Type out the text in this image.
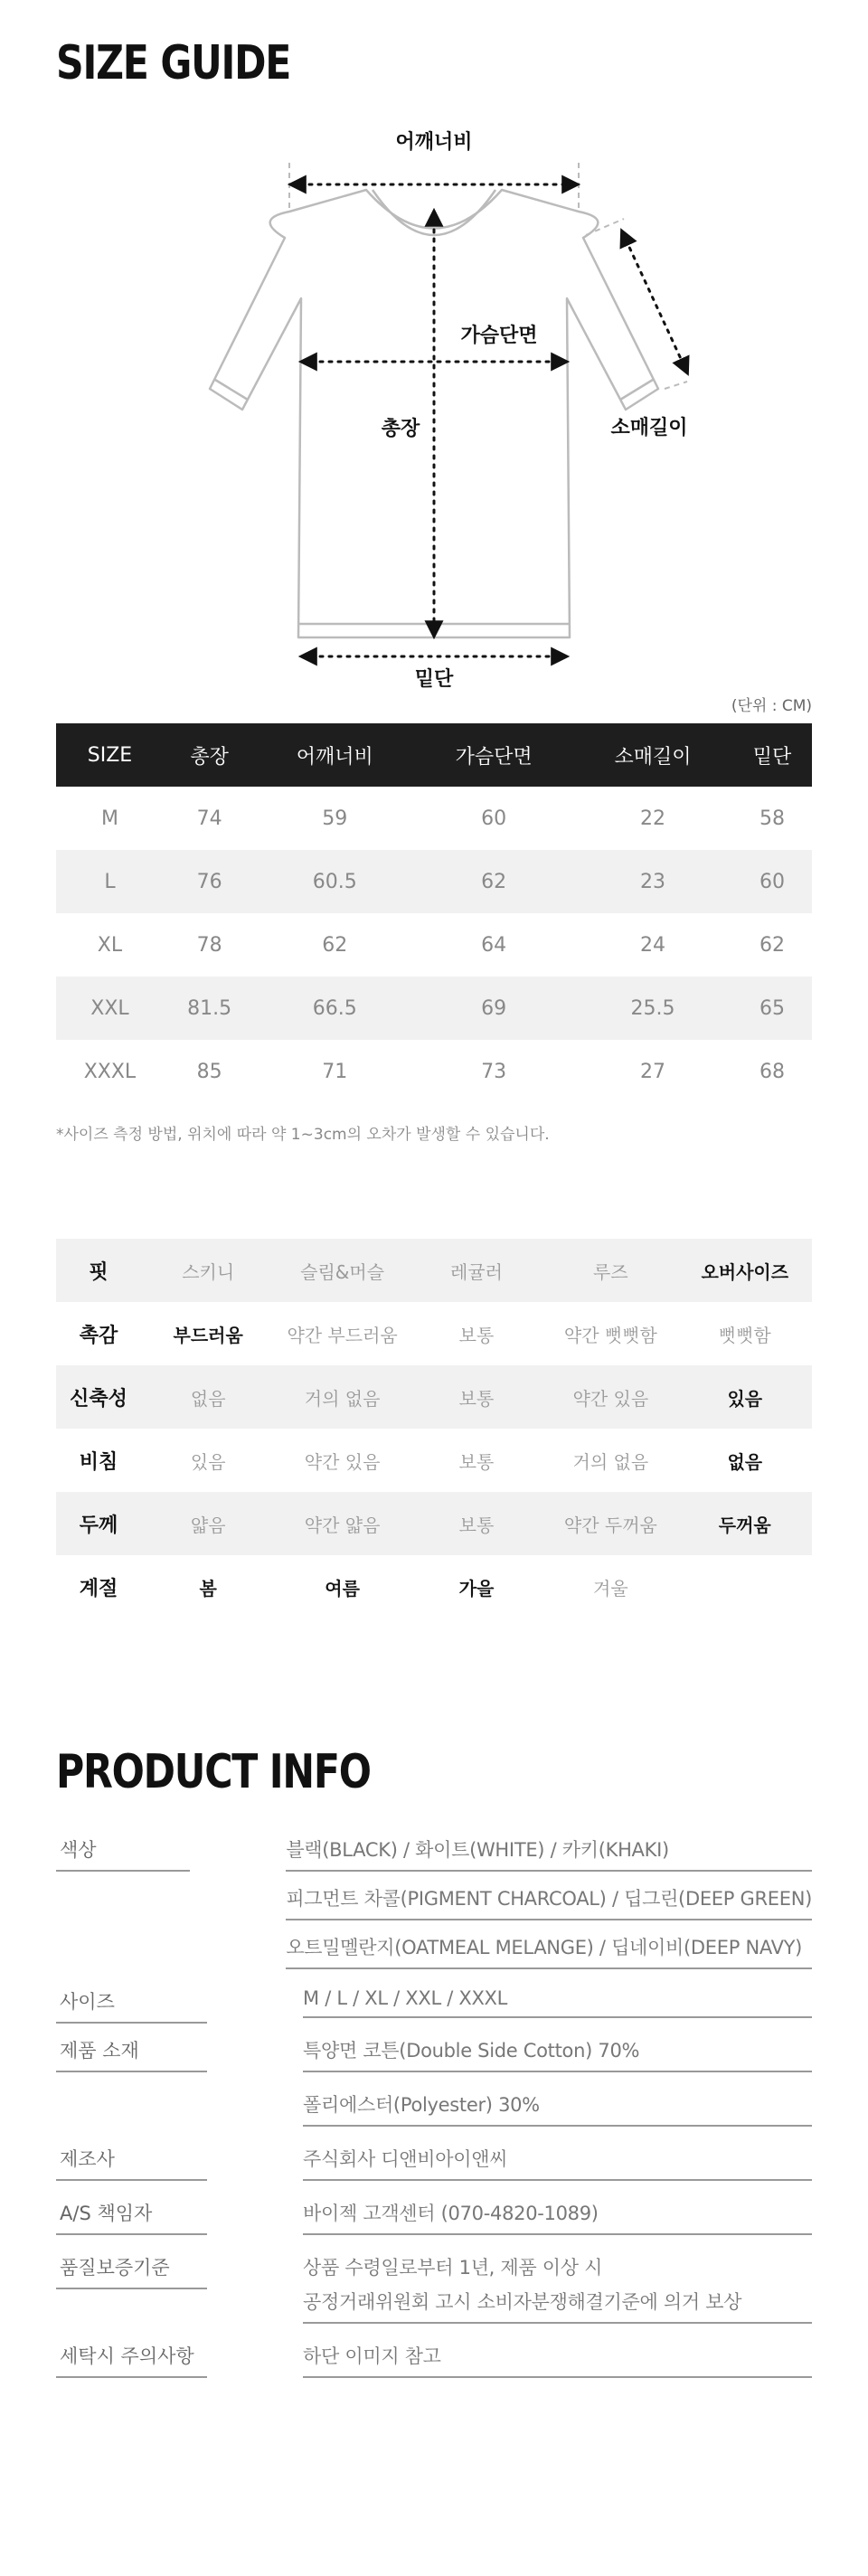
SIZE GUIDE
어깨너비
가슴단면
총장	소매길이
밑단
(단위 : CM)
SIZE	총장	어깨너비	가슴단면	소매길이	밑단
M	74	59	60	22	58
L	76	60.5	62	23	60
XL	78	62	64	24	62
XXL	81.5	66.5	69	25.5	65
XXXL	85	71	73	27	68
*사이즈 측정 방법, 위치에 따라 약 1~3cm의 오차가 발생할 수 있습니다.
핏	스키니	슬림&머슬	레귤러	루즈	오버사이즈
촉감	부드러움	약간 부드러움	보통	약간 뻣뻣함	뻣뻣함
신축성	없음	거의 없음	보통	약간 있음	있음
비침	있음	약간 있음	보통	거의 없음	없음
두께	얇음	약간 얇음	보통	약간 두꺼움	두꺼움
계절	봄	여름	가을	겨울	
PRODUCT INFO
색상	블랙(BLACK) / 화이트(WHITE) / 카키(KHAKI)
피그먼트 차콜(PIGMENT CHARCOAL) / 딥그린(DEEP GREEN)
오트밀멜란지(OATMEAL MELANGE) / 딥네이비(DEEP NAVY)
사이즈	M / L / XL / XXL / XXXL
제품 소재	특양면 코튼(Double Side Cotton) 70%
폴리에스터(Polyester) 30%
제조사	주식회사 디앤비아이앤씨
A/S 책임자	바이젝 고객센터 (070-4820-1089)
품질보증기준	상품 수령일로부터 1년, 제품 이상 시
공정거래위원회 고시 소비자분쟁해결기준에 의거 보상
세탁시 주의사항	하단 이미지 참고
